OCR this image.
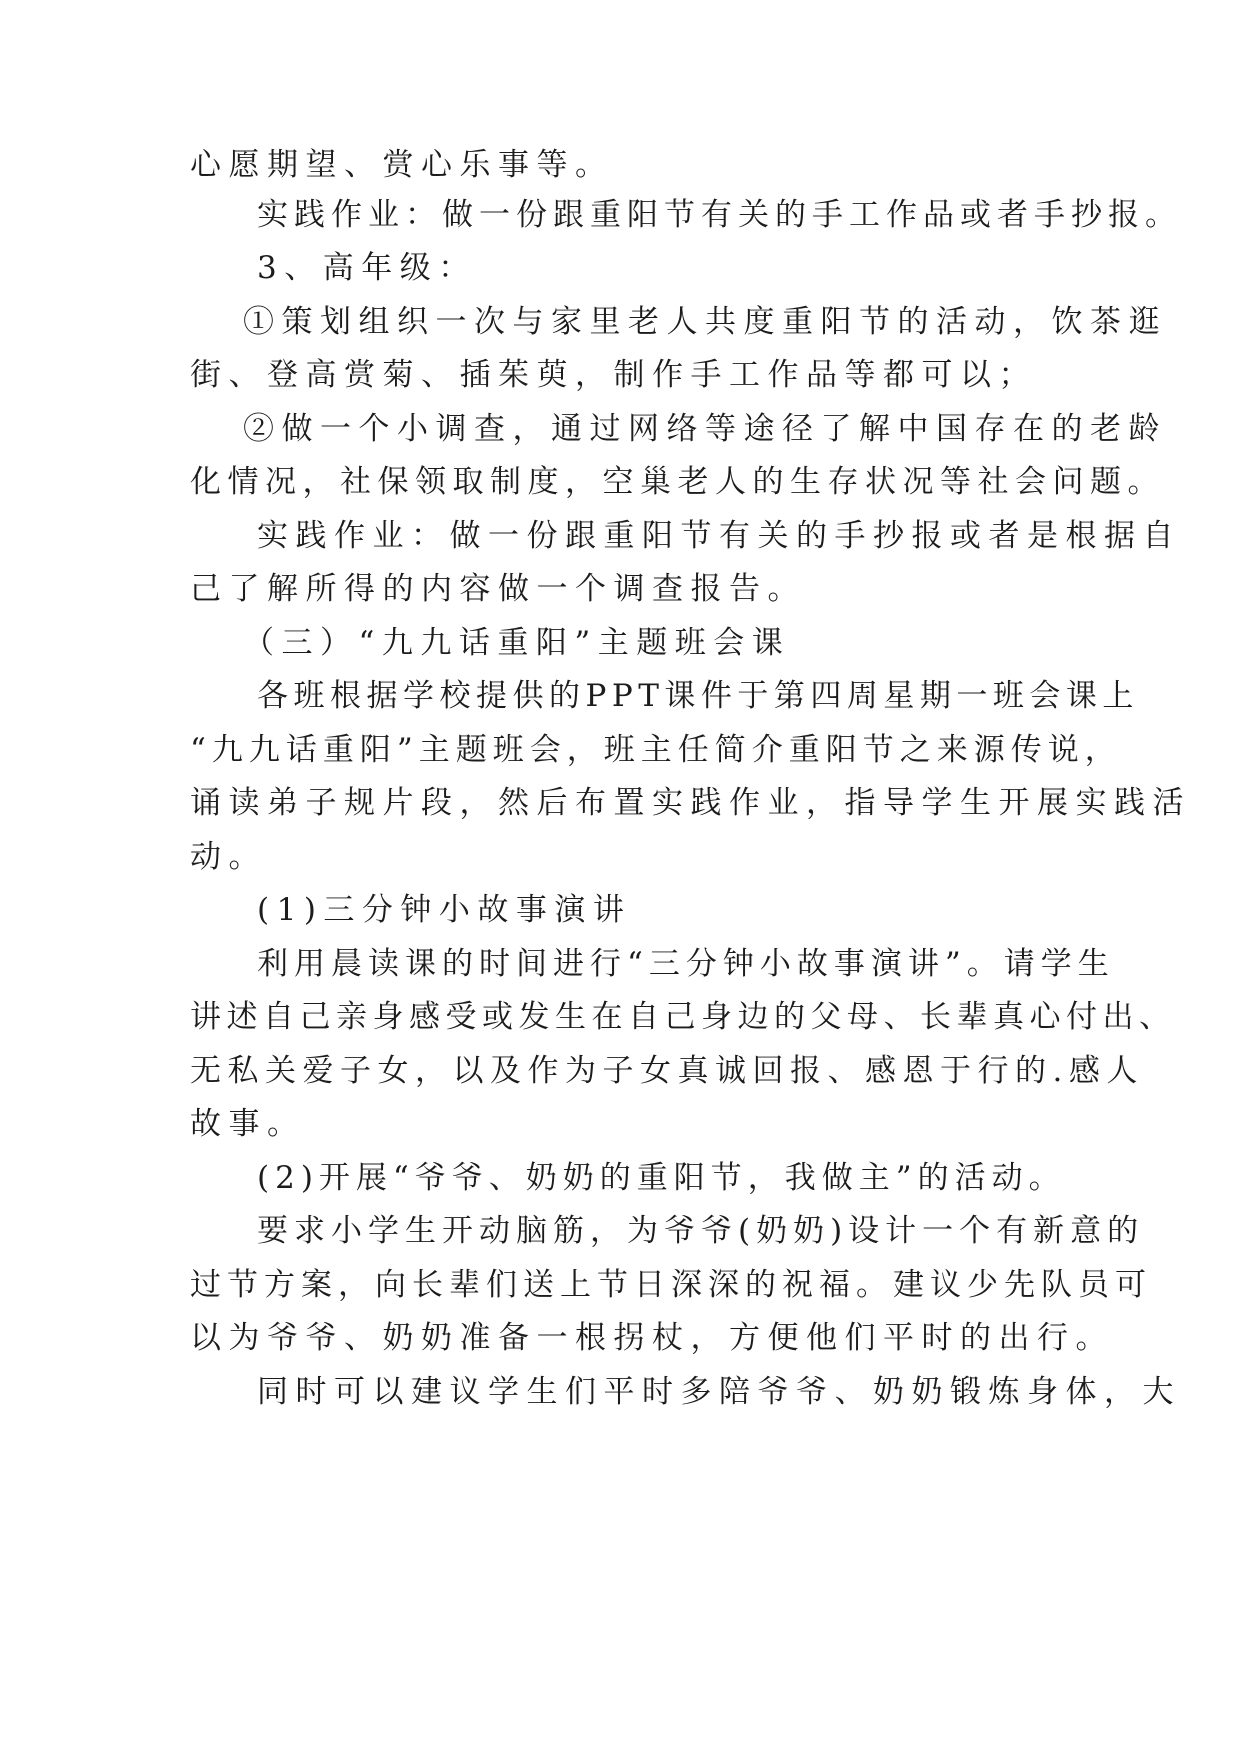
心愿期望、赏心乐事等。
实践作业：做一份跟重阳节有关的手工作品或者手抄报。
3、高年级：
①策划组织一次与家里老人共度重阳节的活动，饮茶逛
街、登高赏菊、插茱萸，制作手工作品等都可以；
②做一个小调查，通过网络等途径了解中国存在的老龄
化情况，社保领取制度，空巢老人的生存状况等社会问题。
实践作业：做一份跟重阳节有关的手抄报或者是根据自
己了解所得的内容做一个调查报告。
（三）“九九话重阳”主题班会课
各班根据学校提供的PPT课件于第四周星期一班会课上
“九九话重阳”主题班会，班主任简介重阳节之来源传说，
诵读弟子规片段，然后布置实践作业，指导学生开展实践活
动。
(1)三分钟小故事演讲
利用晨读课的时间进行“三分钟小故事演讲”。请学生
讲述自己亲身感受或发生在自己身边的父母、长辈真心付出、
无私关爱子女，以及作为子女真诚回报、感恩于行的.感人
故事。
(2)开展“爷爷、奶奶的重阳节，我做主”的活动。
要求小学生开动脑筋，为爷爷(奶奶)设计一个有新意的
过节方案，向长辈们送上节日深深的祝福。建议少先队员可
以为爷爷、奶奶准备一根拐杖，方便他们平时的出行。
同时可以建议学生们平时多陪爷爷、奶奶锻炼身体，大
